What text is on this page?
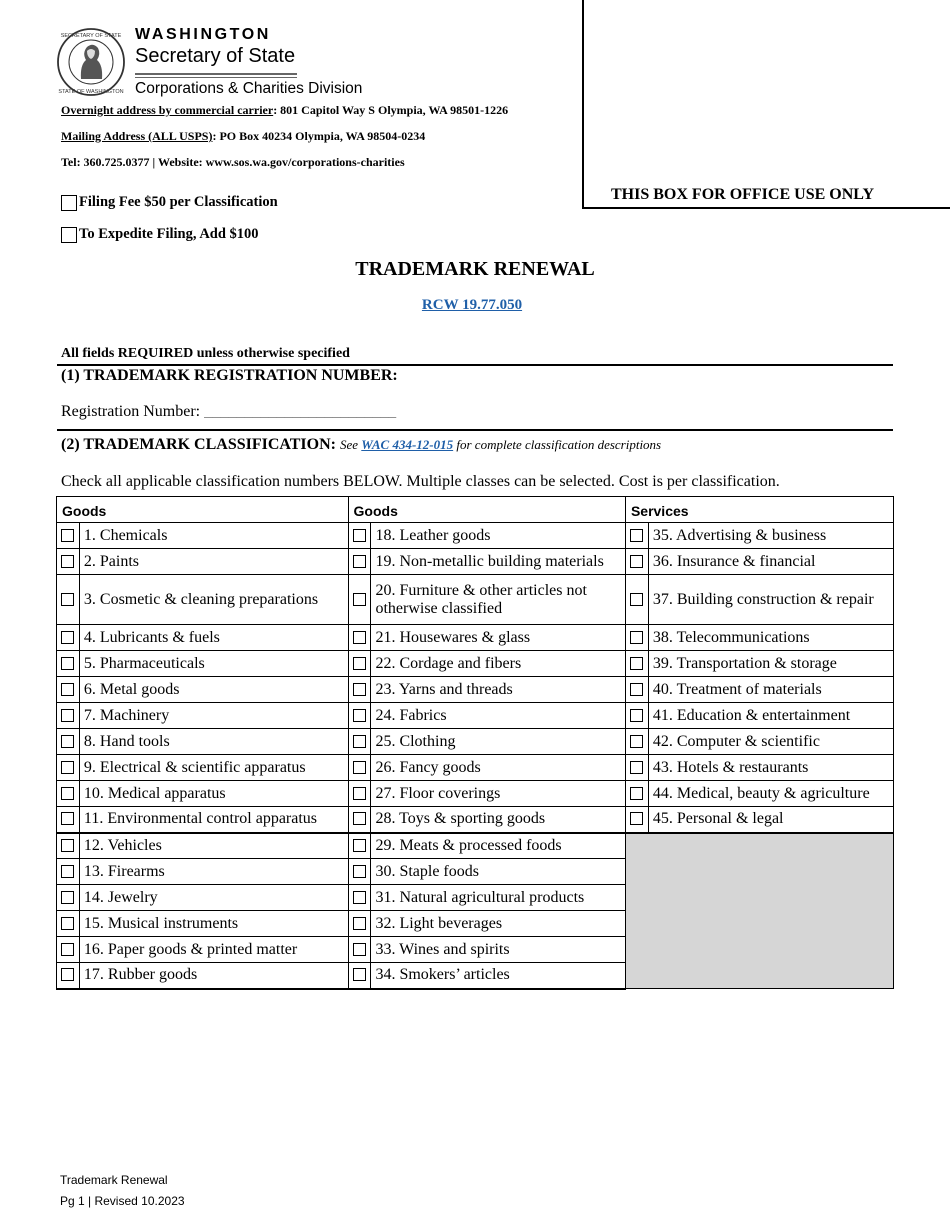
SECRETARY OF STATE
STATE OF WASHINGTON
WASHINGTON
Secretary of State
Corporations & Charities Division
Overnight address by commercial carrier: 801 Capitol Way S Olympia, WA 98501-1226
Mailing Address (ALL USPS): PO Box 40234 Olympia, WA 98504-0234
Tel: 360.725.0377 | Website: www.sos.wa.gov/corporations-charities
THIS BOX FOR OFFICE USE ONLY
Filing Fee $50 per Classification
To Expedite Filing, Add $100
TRADEMARK RENEWAL
RCW 19.77.050
All fields REQUIRED unless otherwise specified
(1) TRADEMARK REGISTRATION NUMBER:
Registration Number: ________________________
(2) TRADEMARK CLASSIFICATION: See WAC 434-12-015 for complete classification descriptions
Check all applicable classification numbers BELOW. Multiple classes can be selected. Cost is per classification.
Goods		Goods		Services	
	1. Chemicals		18. Leather goods		35. Advertising & business
	2. Paints		19. Non-metallic building materials		36. Insurance & financial
	3. Cosmetic & cleaning preparations		20. Furniture & other articles not otherwise classified		37. Building construction & repair
	4. Lubricants & fuels		21. Housewares & glass		38. Telecommunications
	5. Pharmaceuticals		22. Cordage and fibers		39. Transportation & storage
	6. Metal goods		23. Yarns and threads		40. Treatment of materials
	7. Machinery		24. Fabrics		41. Education & entertainment
	8. Hand tools		25. Clothing		42. Computer & scientific
	9. Electrical & scientific apparatus		26. Fancy goods		43. Hotels & restaurants
	10. Medical apparatus		27. Floor coverings		44. Medical, beauty & agriculture
	11. Environmental control apparatus		28. Toys & sporting goods		45. Personal & legal
	12. Vehicles		29. Meats & processed foods		
	13. Firearms		30. Staple foods		
	14. Jewelry		31. Natural agricultural products		
	15. Musical instruments		32. Light beverages		
	16. Paper goods & printed matter		33. Wines and spirits		
	17. Rubber goods		34. Smokers’ articles		
Trademark Renewal
Pg 1 | Revised 10.2023
